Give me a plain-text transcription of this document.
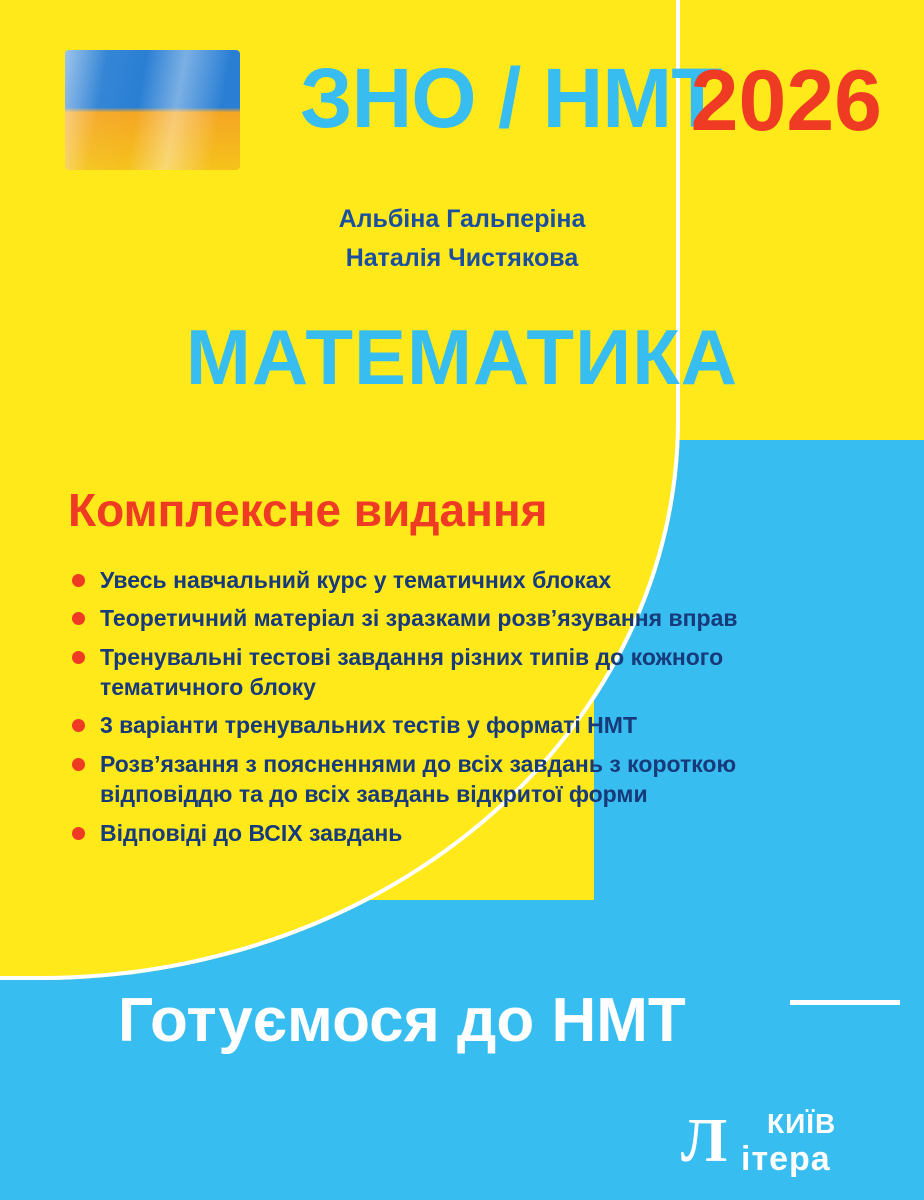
ЗНО / НМТ
2026
Альбіна Гальперіна
Наталія Чистякова
МАТЕМАТИКА
Комплексне видання
Увесь навчальний курс у тематичних блоках
Теоретичний матеріал зі зразками розв’язування вправ
Тренувальні тестові завдання різних типів до кожного тематичного блоку
3 варіанти тренувальних тестів у форматі НМТ
Розв’язання з поясненнями до всіх завдань з короткою відповіддю та до всіх завдань відкритої форми
Відповіді до ВСІХ завдань
Готуємося до НМТ
Л КИЇВ
ітера
